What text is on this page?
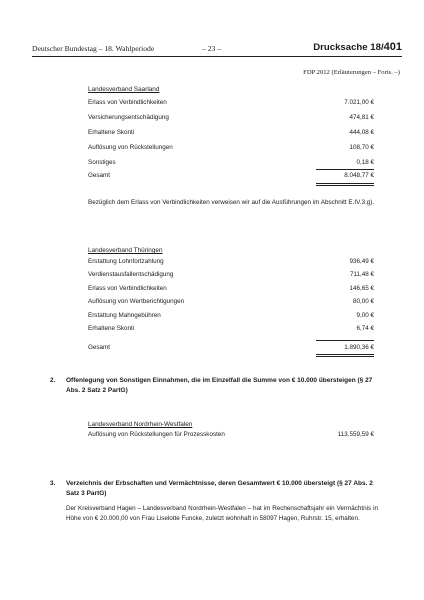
Deutscher Bundestag – 18. Wahlperiode	– 23 –	Drucksache 18/401
FDP 2012 (Erläuterungen – Forts. –)
Landesverband Saarland
Erlass von Verbindlichkeiten	7.021,00 €
Versicherungsentschädigung	474,81 €
Erhaltene Skonti	444,08 €
Auflösung von Rückstellungen	108,70 €
Sonstiges	0,18 €
Gesamt	8.048,77 €
Bezüglich dem Erlass von Verbindlichkeiten verweisen wir auf die Ausführungen im Abschnitt E.IV.3.g).
Landesverband Thüringen
Erstattung Lohnfortzahlung	936,49 €
Verdienstausfallentschädigung	711,48 €
Erlass von Verbindlichkeiten	146,65 €
Auflösung von Wertberichtigungen	80,00 €
Erstattung Mahngebühren	9,00 €
Erhaltene Skonti	6,74 €
Gesamt	1.890,36 €
2. Offenlegung von Sonstigen Einnahmen, die im Einzelfall die Summe von € 10.000 übersteigen (§ 27 Abs. 2 Satz 2 PartG)
Landesverband Nordrhein-Westfalen
Auflösung von Rückstellungen für Prozesskosten	113.559,59 €
3. Verzeichnis der Erbschaften und Vermächtnisse, deren Gesamtwert € 10.000 übersteigt (§ 27 Abs. 2 Satz 3 PartG)
Der Kreisverband Hagen – Landesverband Nordrhein-Westfalen – hat im Rechenschaftsjahr ein Vermächtnis in Höhe von € 20.000,00 von Frau Liselotte Funcke, zuletzt wohnhaft in 58097 Hagen, Ruhrstr. 15, erhalten.
